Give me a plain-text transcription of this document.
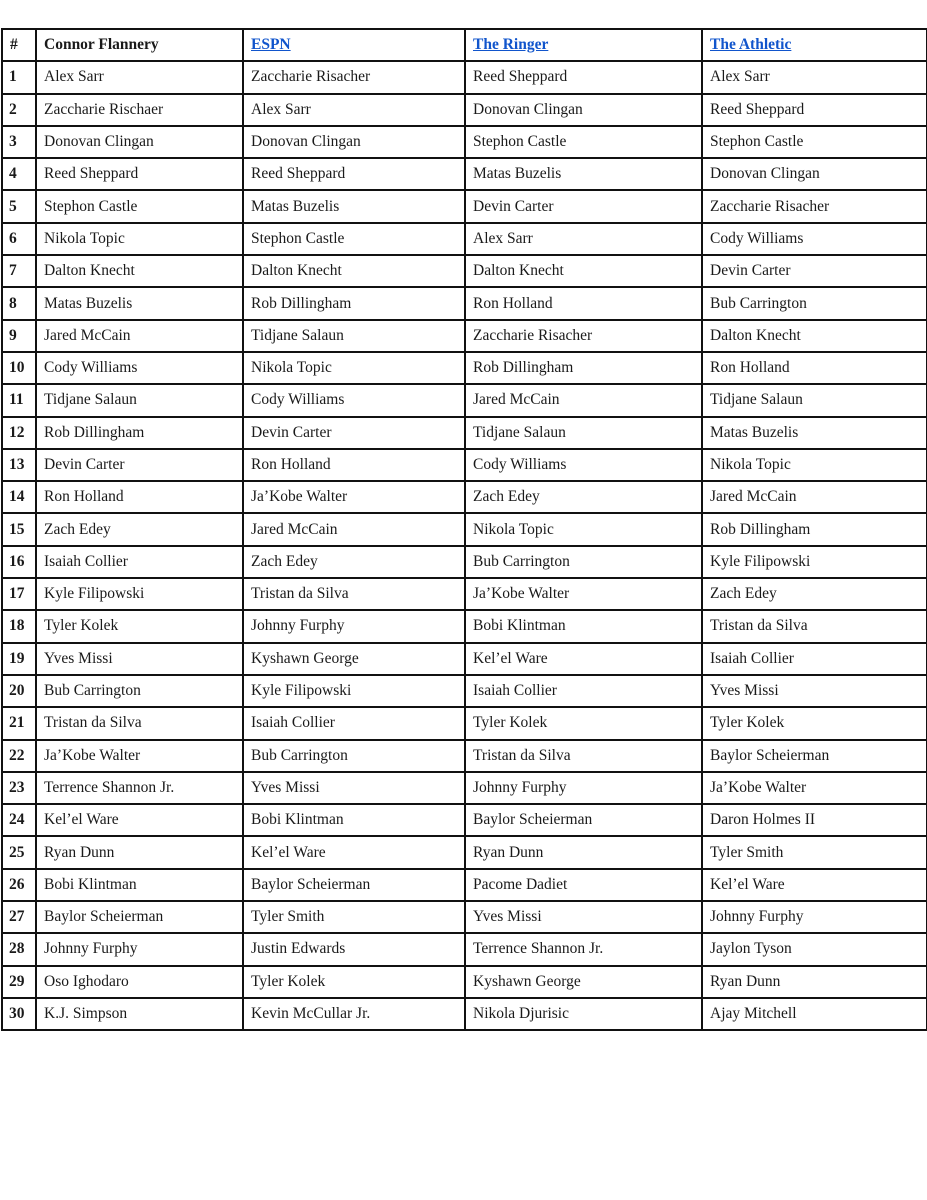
#	Connor Flannery	ESPN	The Ringer	The Athletic
1	Alex Sarr	Zaccharie Risacher	Reed Sheppard	Alex Sarr
2	Zaccharie Rischaer	Alex Sarr	Donovan Clingan	Reed Sheppard
3	Donovan Clingan	Donovan Clingan	Stephon Castle	Stephon Castle
4	Reed Sheppard	Reed Sheppard	Matas Buzelis	Donovan Clingan
5	Stephon Castle	Matas Buzelis	Devin Carter	Zaccharie Risacher
6	Nikola Topic	Stephon Castle	Alex Sarr	Cody Williams
7	Dalton Knecht	Dalton Knecht	Dalton Knecht	Devin Carter
8	Matas Buzelis	Rob Dillingham	Ron Holland	Bub Carrington
9	Jared McCain	Tidjane Salaun	Zaccharie Risacher	Dalton Knecht
10	Cody Williams	Nikola Topic	Rob Dillingham	Ron Holland
11	Tidjane Salaun	Cody Williams	Jared McCain	Tidjane Salaun
12	Rob Dillingham	Devin Carter	Tidjane Salaun	Matas Buzelis
13	Devin Carter	Ron Holland	Cody Williams	Nikola Topic
14	Ron Holland	Ja’Kobe Walter	Zach Edey	Jared McCain
15	Zach Edey	Jared McCain	Nikola Topic	Rob Dillingham
16	Isaiah Collier	Zach Edey	Bub Carrington	Kyle Filipowski
17	Kyle Filipowski	Tristan da Silva	Ja’Kobe Walter	Zach Edey
18	Tyler Kolek	Johnny Furphy	Bobi Klintman	Tristan da Silva
19	Yves Missi	Kyshawn George	Kel’el Ware	Isaiah Collier
20	Bub Carrington	Kyle Filipowski	Isaiah Collier	Yves Missi
21	Tristan da Silva	Isaiah Collier	Tyler Kolek	Tyler Kolek
22	Ja’Kobe Walter	Bub Carrington	Tristan da Silva	Baylor Scheierman
23	Terrence Shannon Jr.	Yves Missi	Johnny Furphy	Ja’Kobe Walter
24	Kel’el Ware	Bobi Klintman	Baylor Scheierman	Daron Holmes II
25	Ryan Dunn	Kel’el Ware	Ryan Dunn	Tyler Smith
26	Bobi Klintman	Baylor Scheierman	Pacome Dadiet	Kel’el Ware
27	Baylor Scheierman	Tyler Smith	Yves Missi	Johnny Furphy
28	Johnny Furphy	Justin Edwards	Terrence Shannon Jr.	Jaylon Tyson
29	Oso Ighodaro	Tyler Kolek	Kyshawn George	Ryan Dunn
30	K.J. Simpson	Kevin McCullar Jr.	Nikola Djurisic	Ajay Mitchell
